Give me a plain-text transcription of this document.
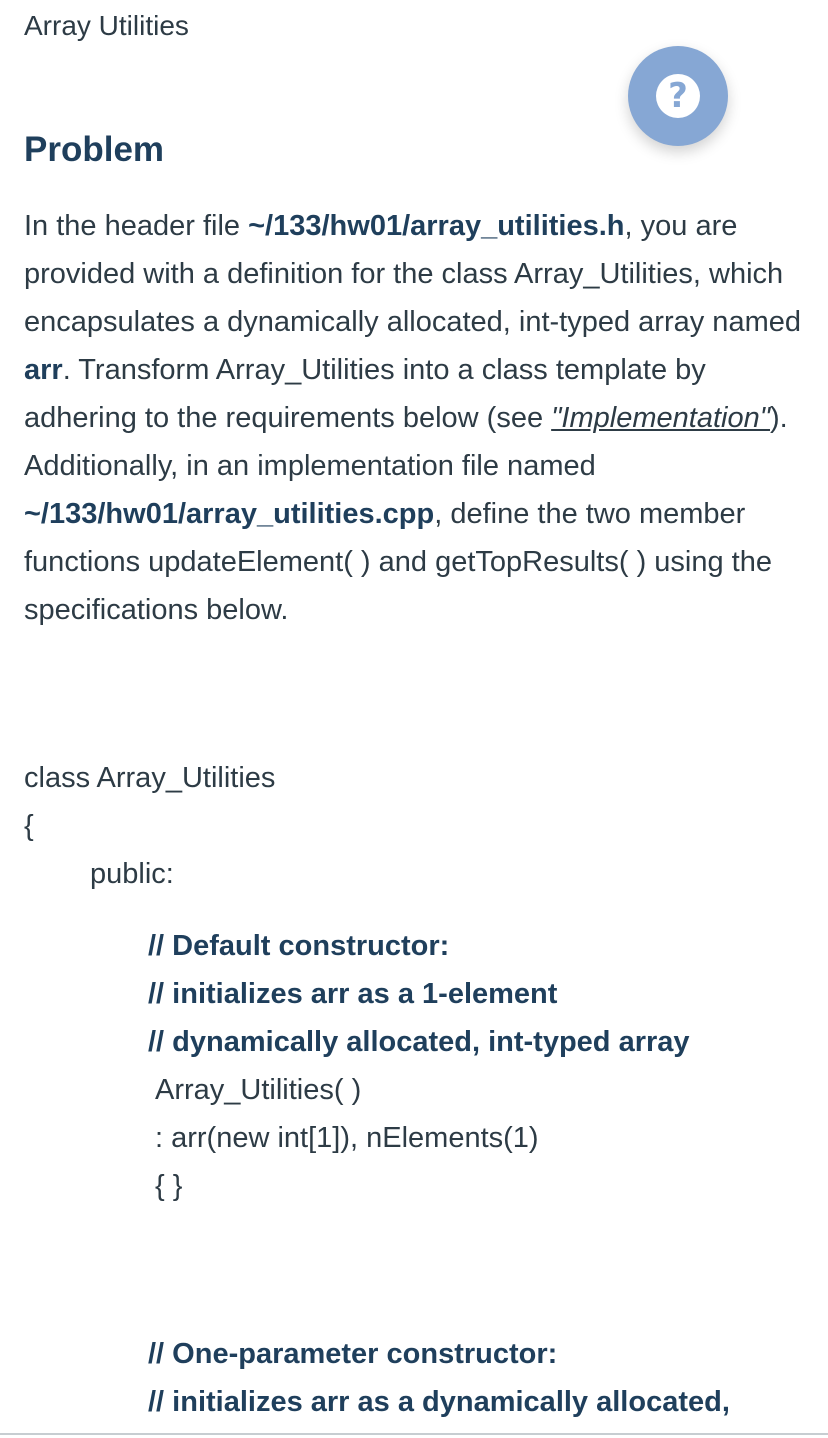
Array Utilities
?
Problem

In the header file ~/133/hw01/array_utilities.h, you are provided with a definition for the class Array_Utilities, which encapsulates a dynamically allocated, int-typed array named arr. Transform Array_Utilities into a class template by adhering to the requirements below (see "Implementation"). Additionally, in an implementation file named ~/133/hw01/array_utilities.cpp, define the two member functions updateElement( ) and getTopResults( ) using the specifications below.

class Array_Utilities
{
public:
// Default constructor:
// initializes arr as a 1-element
// dynamically allocated, int-typed array
Array_Utilities( )
: arr(new int[1]), nElements(1)
{ }
// One-parameter constructor:
// initializes arr as a dynamically allocated,
